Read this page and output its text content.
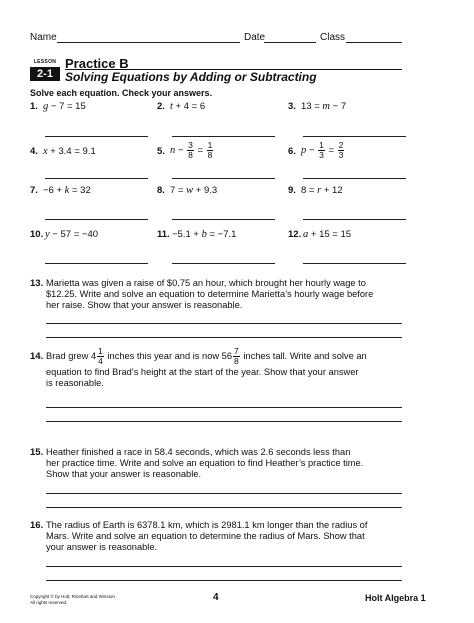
Name	Date	Class
LESSON
2-1
Practice B
Solving Equations by Adding or Subtracting
Solve each equation. Check your answers.
1. g − 7 = 15	2. t + 4 = 6	3. 13 = m − 7
4. x + 3.4 = 9.1	5. $n - \frac{3}{8} = \frac{1}{8}$	6. $p - \frac{1}{3} = \frac{2}{3}$
7. −6 + k = 32	8. 7 = w + 9.3	9. 8 = r + 12
10. y − 57 = −40	11. −5.1 + b = −7.1	12. a + 15 = 15
13. Marietta was given a raise of $0.75 an hour, which brought her hourly wage to
$12.25. Write and solve an equation to determine Marietta’s hourly wage before
her raise. Show that your answer is reasonable.
14. Brad grew $4 \frac{1}{4}$ inches this year and is now $56 \frac{7}{8}$ inches tall. Write and solve an
equation to find Brad’s height at the start of the year. Show that your answer
is reasonable.
15. Heather finished a race in 58.4 seconds, which was 2.6 seconds less than
her practice time. Write and solve an equation to find Heather’s practice time.
Show that your answer is reasonable.
16. The radius of Earth is 6378.1 km, which is 2981.1 km longer than the radius of
Mars. Write and solve an equation to determine the radius of Mars. Show that
your answer is reasonable.
Copyright © by Holt, Rinehart and Winston.
All rights reserved.	4	Holt Algebra 1
